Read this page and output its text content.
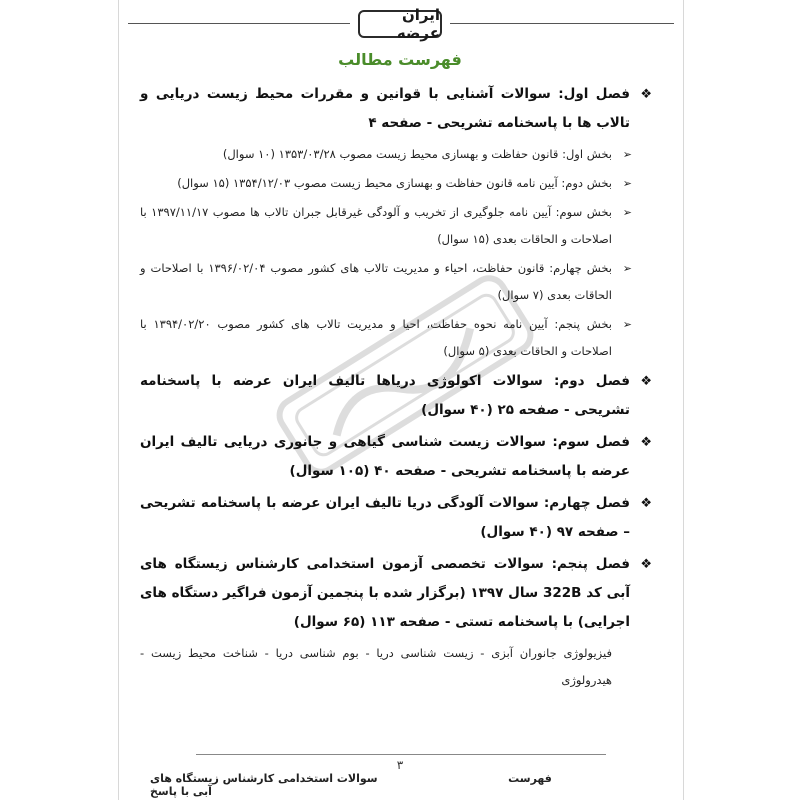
ایران عرضه
فهرست مطالب
❖
فصل اول: سوالات آشنایی با قوانین و مقررات محیط زیست دریایی و تالاب ها با پاسخنامه تشریحی - صفحه ۴
➢
بخش اول: قانون حفاظت و بهسازی محیط زیست مصوب ۱۳۵۳/۰۳/۲۸ (۱۰ سوال)
➢
بخش دوم: آیین نامه قانون حفاظت و بهسازی محیط زیست مصوب ۱۳۵۴/۱۲/۰۳ (۱۵ سوال)
➢
بخش سوم: آیین نامه جلوگیری از تخریب و آلودگی غیرقابل جبران تالاب ها مصوب ۱۳۹۷/۱۱/۱۷ با اصلاحات و الحاقات بعدی (۱۵ سوال)
➢
بخش چهارم: قانون حفاظت، احیاء و مدیریت تالاب های کشور مصوب ۱۳۹۶/۰۲/۰۴ با اصلاحات و الحاقات بعدی (۷ سوال)
➢
بخش پنجم: آیین نامه نحوه حفاظت، احیا و مدیریت تالاب های کشور مصوب ۱۳۹۴/۰۲/۲۰ با اصلاحات و الحاقات بعدی (۵ سوال)
❖
فصل دوم: سوالات اکولوژی دریاها تالیف ایران عرضه با پاسخنامه تشریحی - صفحه ۲۵ (۴۰ سوال)
❖
فصل سوم: سوالات زیست شناسی گیاهی و جانوری دریایی تالیف ایران عرضه با پاسخنامه تشریحی - صفحه ۴۰ (۱۰۵ سوال)
❖
فصل چهارم: سوالات آلودگی دریا تالیف ایران عرضه با پاسخنامه تشریحی – صفحه ۹۷ (۴۰ سوال)
❖
فصل پنجم: سوالات تخصصی آزمون استخدامی کارشناس زیستگاه های آبی کد 322B سال ۱۳۹۷ (برگزار شده با پنجمین آزمون فراگیر دستگاه های اجرایی) با پاسخنامه تستی - صفحه ۱۱۳ (۶۵ سوال)
فیزیولوژی جانوران آبزی - زیست شناسی دریا - بوم شناسی دریا - شناخت محیط زیست - هیدرولوژی
۳
سوالات استخدامی کارشناس زیستگاه های آبی با پاسخ
فهرست
